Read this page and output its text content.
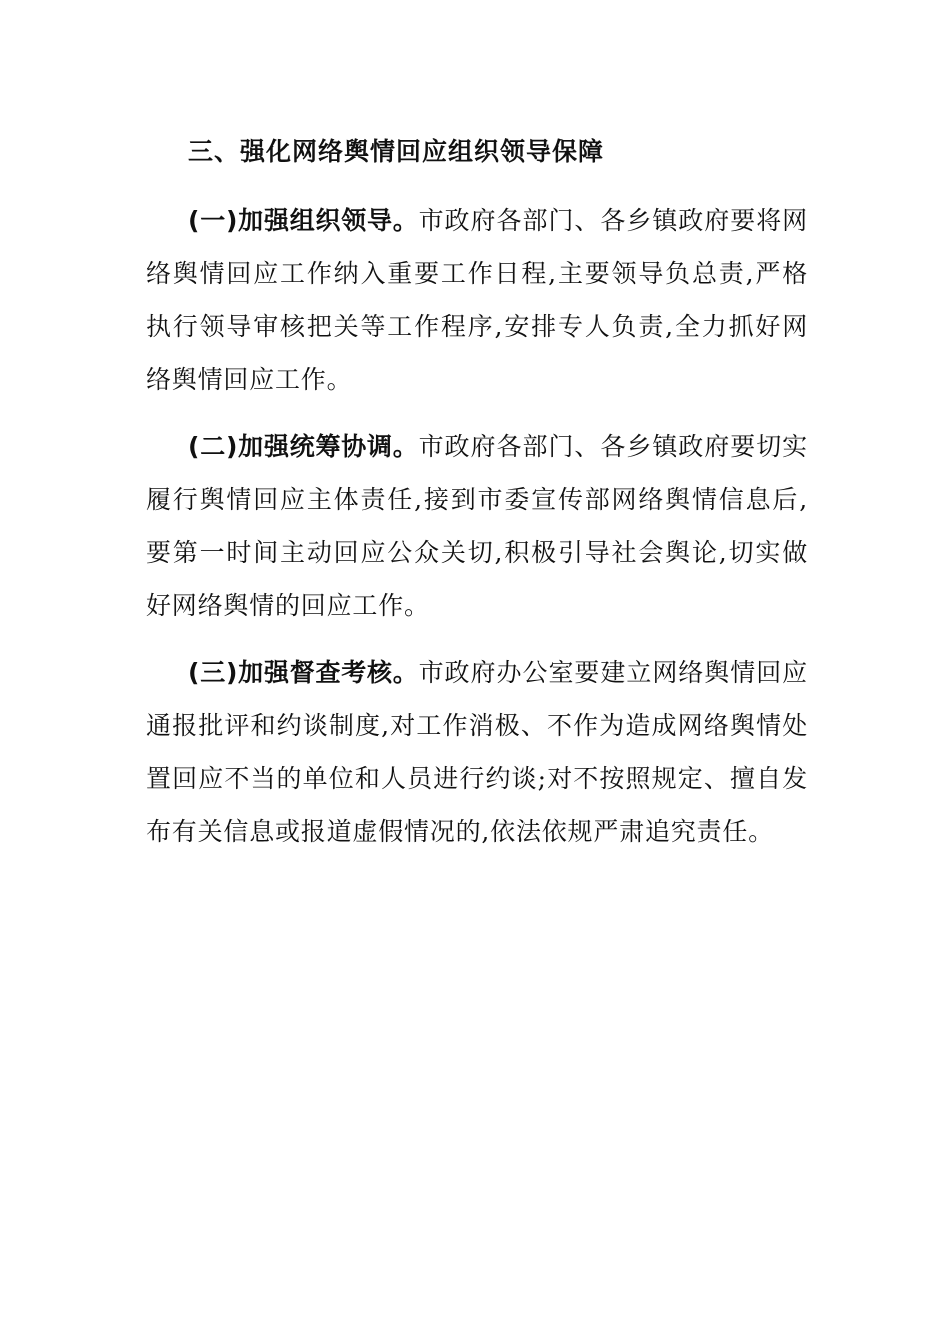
三、强化网络舆情回应组织领导保障

(一)加强组织领导。市政府各部门、各乡镇政府要将网络舆情回应工作纳入重要工作日程,主要领导负总责,严格执行领导审核把关等工作程序,安排专人负责,全力抓好网络舆情回应工作。

(二)加强统筹协调。市政府各部门、各乡镇政府要切实履行舆情回应主体责任,接到市委宣传部网络舆情信息后,要第一时间主动回应公众关切,积极引导社会舆论,切实做好网络舆情的回应工作。

(三)加强督查考核。市政府办公室要建立网络舆情回应通报批评和约谈制度,对工作消极、不作为造成网络舆情处置回应不当的单位和人员进行约谈;对不按照规定、擅自发布有关信息或报道虚假情况的,依法依规严肃追究责任。
